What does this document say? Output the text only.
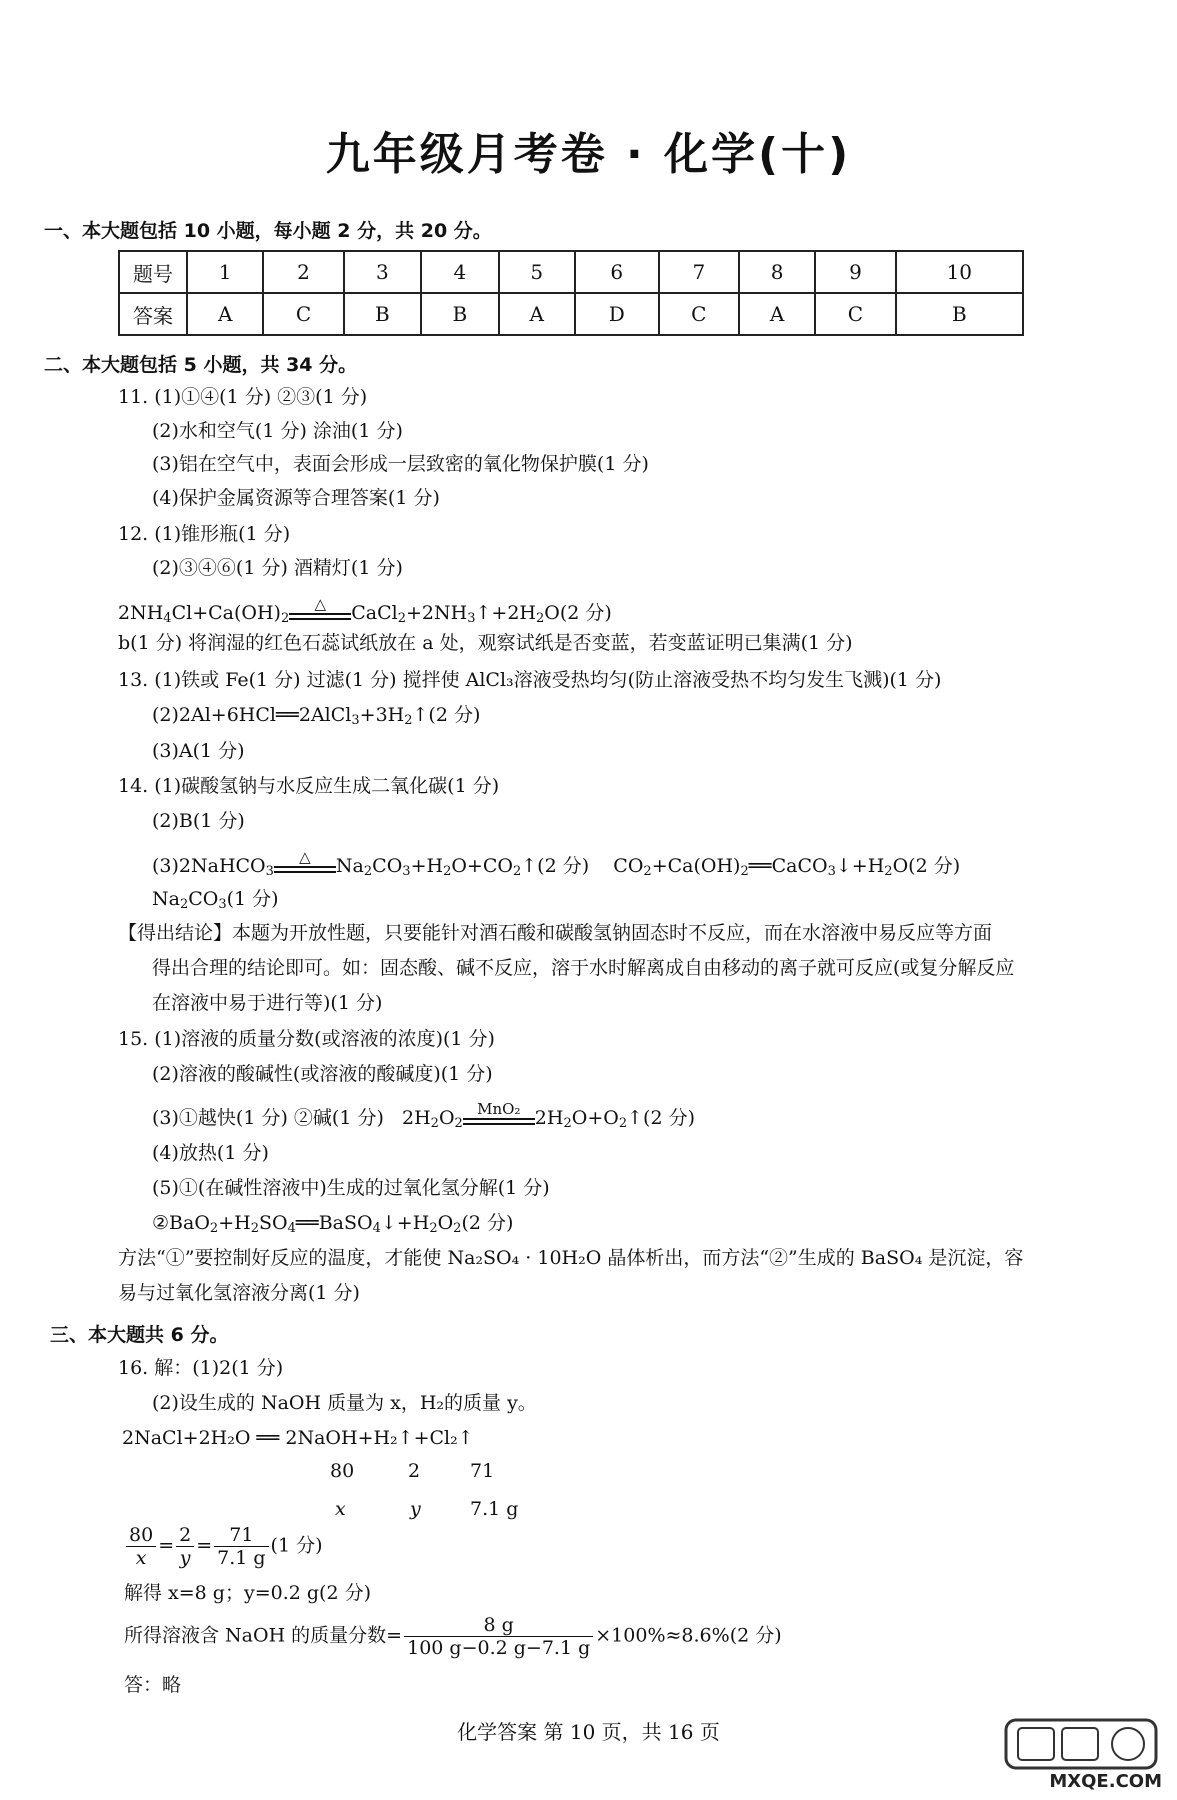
九年级月考卷 · 化学(十)
一、本大题包括 10 小题，每小题 2 分，共 20 分。
题号	1	2	3	4	5	6	7	8	9	10
答案	A	C	B	B	A	D	C	A	C	B
二、本大题包括 5 小题，共 34 分。
11. (1)①④(1 分) ②③(1 分)
(2)水和空气(1 分) 涂油(1 分)
(3)铝在空气中，表面会形成一层致密的氧化物保护膜(1 分)
(4)保护金属资源等合理答案(1 分)
12. (1)锥形瓶(1 分)
(2)③④⑥(1 分) 酒精灯(1 分)
$2NH_4Cl+Ca(OH)_2$
△	$CaCl_2+2NH_3↑+2H_2O(2$ 分)
b(1 分) 将润湿的红色石蕊试纸放在 a 处，观察试纸是否变蓝，若变蓝证明已集满(1 分)
13. (1)铁或 Fe(1 分) 过滤(1 分) 搅拌使 AlCl₃溶液受热均匀(防止溶液受热不均匀发生飞溅)(1 分)
$(2)2Al+6HCl══2AlCl_3+3H_2↑(2$ 分)
(3)A(1 分)
14. (1)碳酸氢钠与水反应生成二氧化碳(1 分)
(2)B(1 分)
(3)2NaHCO$_3$
△	$Na_2CO_3+H_2O+CO_2↑(2$ 分)    $CO_2+Ca(OH)_2══CaCO_3↓+H_2O(2$ 分)
$Na_2CO_3(1$ 分)
【得出结论】本题为开放性题，只要能针对酒石酸和碳酸氢钠固态时不反应，而在水溶液中易反应等方面
得出合理的结论即可。如：固态酸、碱不反应，溶于水时解离成自由移动的离子就可反应(或复分解反应
在溶液中易于进行等)(1 分)
15. (1)溶液的质量分数(或溶液的浓度)(1 分)
(2)溶液的酸碱性(或溶液的酸碱度)(1 分)
(3)①越快(1 分) ②碱(1 分)   $2H_2O_2$
MnO₂ $2H_2O+O_2↑(2$ 分)
(4)放热(1 分)
(5)①(在碱性溶液中)生成的过氧化氢分解(1 分)
$②BaO_2+H_2SO_4══BaSO_4↓+H_2O_2(2$ 分)
方法“①”要控制好反应的温度，才能使 Na₂SO₄ · 10H₂O 晶体析出，而方法“②”生成的 BaSO₄ 是沉淀，容
易与过氧化氢溶液分离(1 分)
三、本大题共 6 分。
16. 解：(1)2(1 分)
(2)设生成的 NaOH 质量为 x，H₂的质量 y。
2NaCl+2H₂O ══ 2NaOH+H₂↑+Cl₂↑
80	2	71
x	y	7.1 g
$\frac{80}{x} = \frac{2}{y} = \frac{71}{7.1 g} (1$ 分)
解得 x=8 g；y=0.2 g(2 分)
所得溶液含 NaOH 的质量分数= $\frac{8 g}{100 g-0.2 g-7.1 g} \times 100\%\approx 8.6\%(2$ 分)
答：略
化学答案 第 10 页，共 16 页
MXQE.COM
